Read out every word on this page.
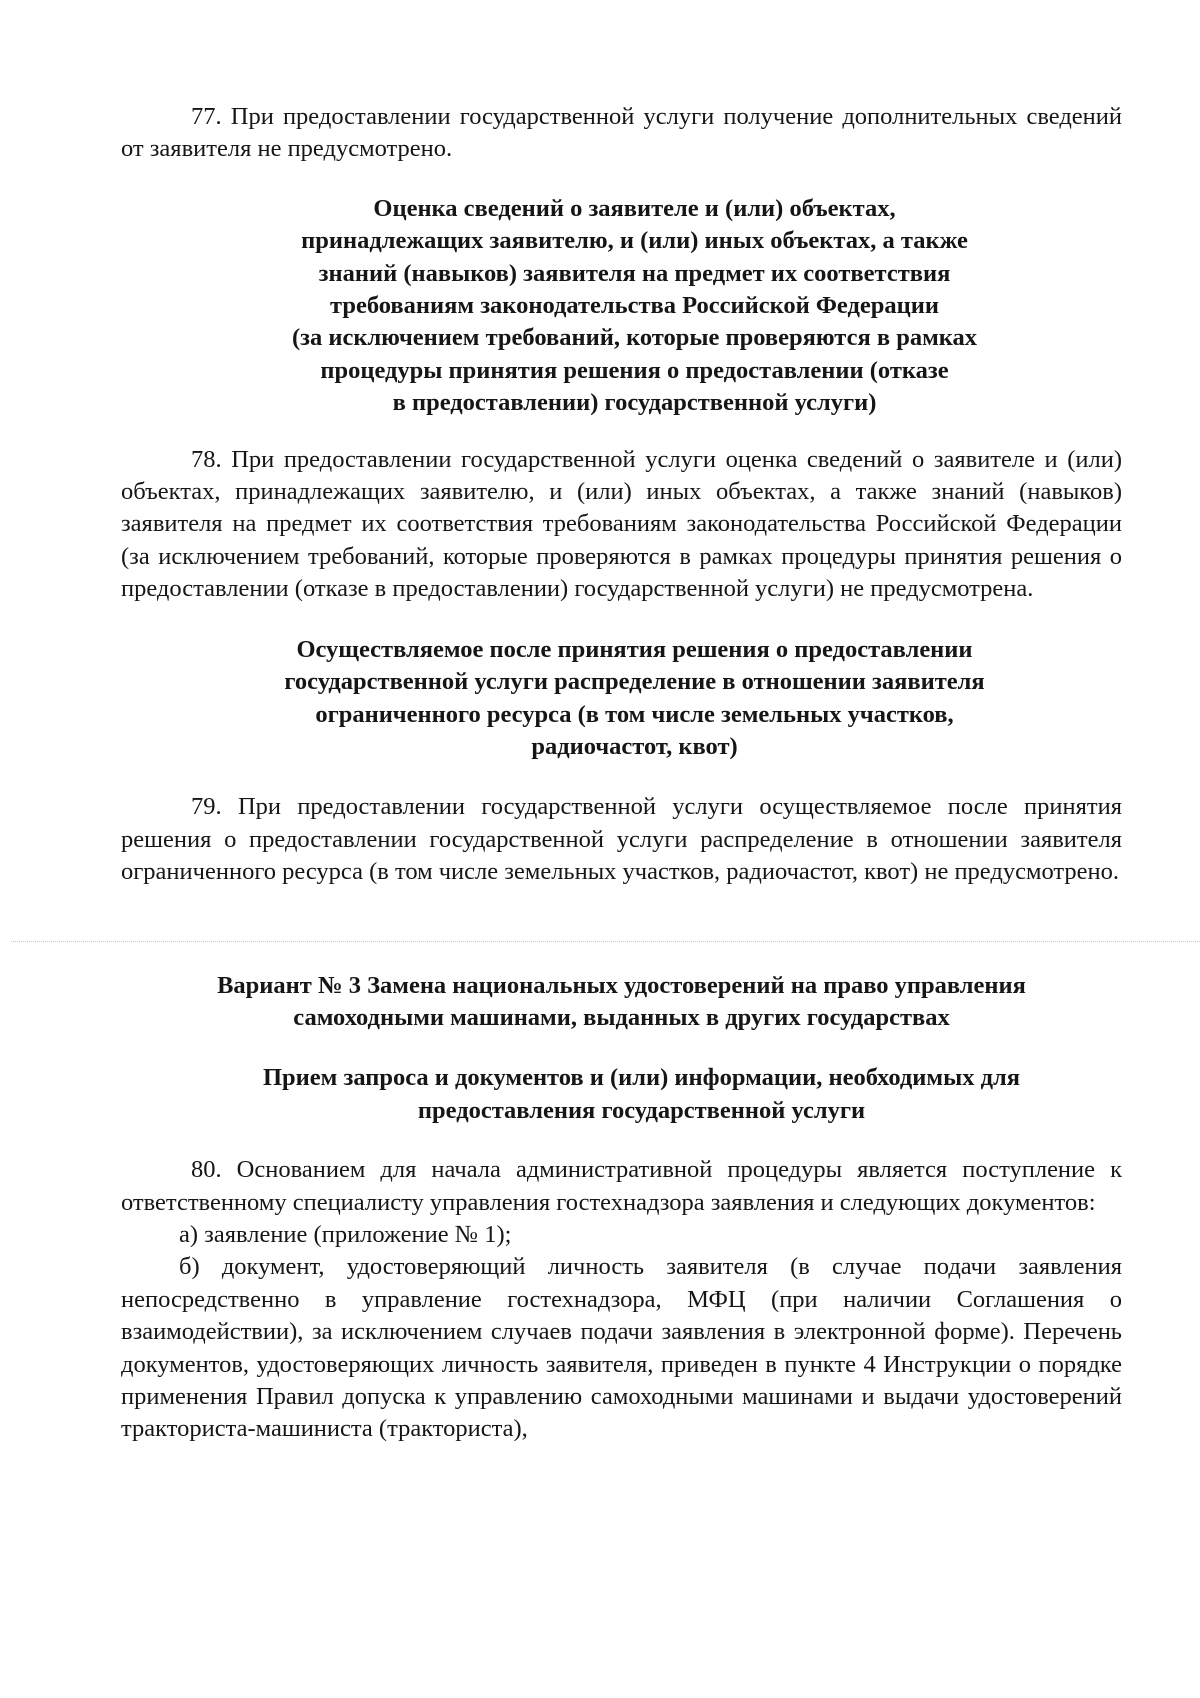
77. При предоставлении государственной услуги получение дополнительных сведений от заявителя не предусмотрено.

Оценка сведений о заявителе и (или) объектах,
принадлежащих заявителю, и (или) иных объектах, а также
знаний (навыков) заявителя на предмет их соответствия
требованиям законодательства Российской Федерации
(за исключением требований, которые проверяются в рамках
процедуры принятия решения о предоставлении (отказе
в предоставлении) государственной услуги)

78. При предоставлении государственной услуги оценка сведений о заявителе и (или) объектах, принадлежащих заявителю, и (или) иных объектах, а также знаний (навыков) заявителя на предмет их соответствия требованиям законодательства Российской Федерации (за исключением требований, которые проверяются в рамках процедуры принятия решения о предоставлении (отказе в предоставлении) государственной услуги) не предусмотрена.

Осуществляемое после принятия решения о предоставлении
государственной услуги распределение в отношении заявителя
ограниченного ресурса (в том числе земельных участков,
радиочастот, квот)

79. При предоставлении государственной услуги осуществляемое после принятия решения о предоставлении государственной услуги распределение в отношении заявителя ограниченного ресурса (в том числе земельных участков, радиочастот, квот) не предусмотрено.

Вариант № 3 Замена национальных удостоверений на право управления
самоходными машинами, выданных в других государствах
Прием запроса и документов и (или) информации, необходимых для
предоставления государственной услуги

80. Основанием для начала административной процедуры является поступление к ответственному специалисту управления гостехнадзора заявления и следующих документов:

а) заявление (приложение № 1);

б) документ, удостоверяющий личность заявителя (в случае подачи заявления непосредственно в управление гостехнадзора, МФЦ (при наличии Соглашения о взаимодействии), за исключением случаев подачи заявления в электронной форме). Перечень документов, удостоверяющих личность заявителя, приведен в пункте 4 Инструкции о порядке применения Правил допуска к управлению самоходными машинами и выдачи удостоверений тракториста-машиниста (тракториста),
